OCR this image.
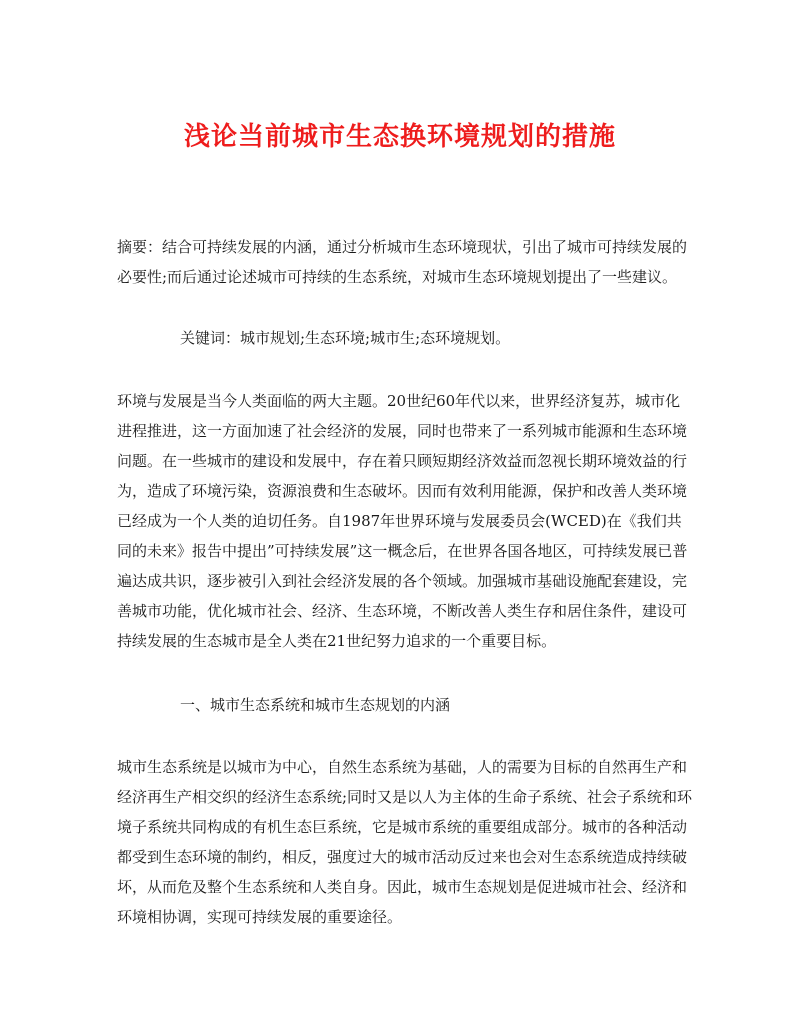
浅论当前城市生态换环境规划的措施

摘要：结合可持续发展的内涵，通过分析城市生态环境现状，引出了城市可持续发展的必要性;而后通过论述城市可持续的生态系统，对城市生态环境规划提出了一些建议。

关键词：城市规划;生态环境;城市生;态环境规划。

环境与发展是当今人类面临的两大主题。20世纪60年代以来，世界经济复苏，城市化进程推进，这一方面加速了社会经济的发展，同时也带来了一系列城市能源和生态环境问题。在一些城市的建设和发展中，存在着只顾短期经济效益而忽视长期环境效益的行为，造成了环境污染，资源浪费和生态破坏。因而有效利用能源，保护和改善人类环境已经成为一个人类的迫切任务。自1987年世界环境与发展委员会(WCED)在《我们共同的未来》报告中提出”可持续发展”这一概念后，在世界各国各地区，可持续发展已普遍达成共识，逐步被引入到社会经济发展的各个领域。加强城市基础设施配套建设，完善城市功能，优化城市社会、经济、生态环境，不断改善人类生存和居住条件，建设可持续发展的生态城市是全人类在21世纪努力追求的一个重要目标。

一、城市生态系统和城市生态规划的内涵

城市生态系统是以城市为中心，自然生态系统为基础，人的需要为目标的自然再生产和经济再生产相交织的经济生态系统;同时又是以人为主体的生命子系统、社会子系统和环境子系统共同构成的有机生态巨系统，它是城市系统的重要组成部分。城市的各种活动都受到生态环境的制约，相反，强度过大的城市活动反过来也会对生态系统造成持续破坏，从而危及整个生态系统和人类自身。因此，城市生态规划是促进城市社会、经济和环境相协调，实现可持续发展的重要途径。
